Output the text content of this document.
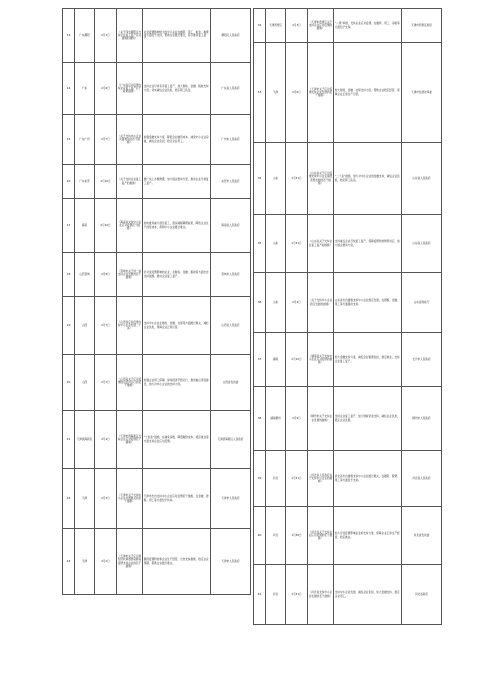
13	广东潮阳	2月3日	《关于印发潮阳区支持企业复工复产有关措施的通知》	对受疫情影响较大的中小企业在融资、用工、租金、税费等方面给予支持，帮助企业渡过难关，有序推动复工复产。	潮阳区人民政府
14	广东	2月6日	《广东省应对疫情支持企业复工复产若干政策措施》	支持企业尽快有序复工复产，加大财政、金融、税收支持力度，切实减轻企业负担，稳定职工队伍。	广东省人民政府
15	广东广州	2月7日	《关于支持中小企业共渡难关的若干措施》	加强金融支持力度，降低企业融资成本，减免中小企业房租，减轻企业负担，稳定企业用工。	广州市人民政府
16	广东东莞	2月10日	《关于支持企业复工复产的措施》	推广线上办税缴费，加大援企稳岗力度，推动企业尽快复工复产。	东莞市人民政府
17	海南	2月10日	《海南省支持中小企业应对疫情若干措施》	加快推进重大项目复工，落实减税降费政策，降低企业生产经营成本，帮助中小企业渡过难关。	海南省人民政府
18	山西晋城	2月8日	《晋城市关于进一步支持企业发展的若干措施》	针对受疫情影响的企业，在财政、金融、税收等方面出台支持措施，推动企业复工复产。	晋城市人民政府
19	山西	2月7日	《山西省应对疫情支持中小企业发展二十条》	支持中小企业在财政、金融、社保等方面渡过难关，减轻企业负担，保障企业正常运营。	山西省人民政府
20	山西	2月7日	《山西省关于应对疫情稳定经济运行的若干措施》	加强企业用工保障，保持经济平稳运行，推进重点项目建设，加大对中小企业的支持力度。	山西省发改委
21	天津滨海新区	2月4日	《天津市滨海新区支持企业应对疫情若干措施》	“十四条”措施，在减免房租、降低融资成本、稳定就业等方面支持企业应对疫情。	天津滨海新区人民政府
22	天津	2月3日	《天津市关于支持中小企业共渡难关的若干措施》	天津市出台支持中小企业应对疫情若干措施，在金融、财税、用工等方面给予扶持。	天津市人民政府
23	天津	2月2日	《天津市关于应对新型冠状病毒感染肺炎疫情支持企业的若干措施》	围绕疫情防控和企业生产经营，出台支持措施，稳定企业预期，帮助企业渡过难关。	天津市人民政府
32	天津西青区	2月3日	《天津市西青区关于支持企业应对疫情的措施》	“八项”举措，支持企业应对疫情，在融资、用工、房租等方面给予支持。	天津市西青区政府
33	天津	2月6日	《天津市关于应对疫情支持企业发展的若干措施》	加大财政、金融、社保支持力度，帮助企业稳定经营，保障企业正常生产运营。	天津市发展改革委
34	山东	1月31日	《山东省关于应对疫情支持中小企业保经营稳发展的若干措施》	“二十条”措施，加大对中小企业的金融支持，减轻企业负担，稳定职工队伍。	山东省人民政府
35	山东	1月31日	《山东省关于支持企业复工复产的措施》	支持重点企业尽快复工复产，保障疫情防控物资供应，加大援企稳岗力度。	山东省人民政府
36	山东	2月4日	《关于支持中小企业稳定发展的措施》	山东省出台措施支持中小企业稳定发展，在财税、金融、用工等方面提供支持。	山东省财政厅
37	湖南	2月10日	《湖南省关于支持中小企业应对疫情的措施》	加大金融支持力度，减轻企业税费负担，稳定就业，支持企业复工复产。	长沙市人民政府
38	湖南郴州	2月9日	《郴州市关于支持企业发展的措施》	支持企业复工复产，加大财政资金支持，减轻企业负担，稳定企业发展。	郴州市人民政府
39	河北	1月31日	《河北省人民政府关于支持中小企业的措施》	河北省出台措施支持中小企业渡过难关，在融资、税费、用工等方面给予支持。	河北省人民政府
40	河北	1月30日	《河北省关于支持企业应对疫情的若干措施》	加大对受疫情影响企业的支持力度，保障企业正常生产经营，稳定就业。	河北省发改委
41	河北	1月31日	《河北省支持中小企业发展的若干措施》	支持中小企业发展，减轻企业负担，加大金融支持，稳定企业用工。	河北省政府
